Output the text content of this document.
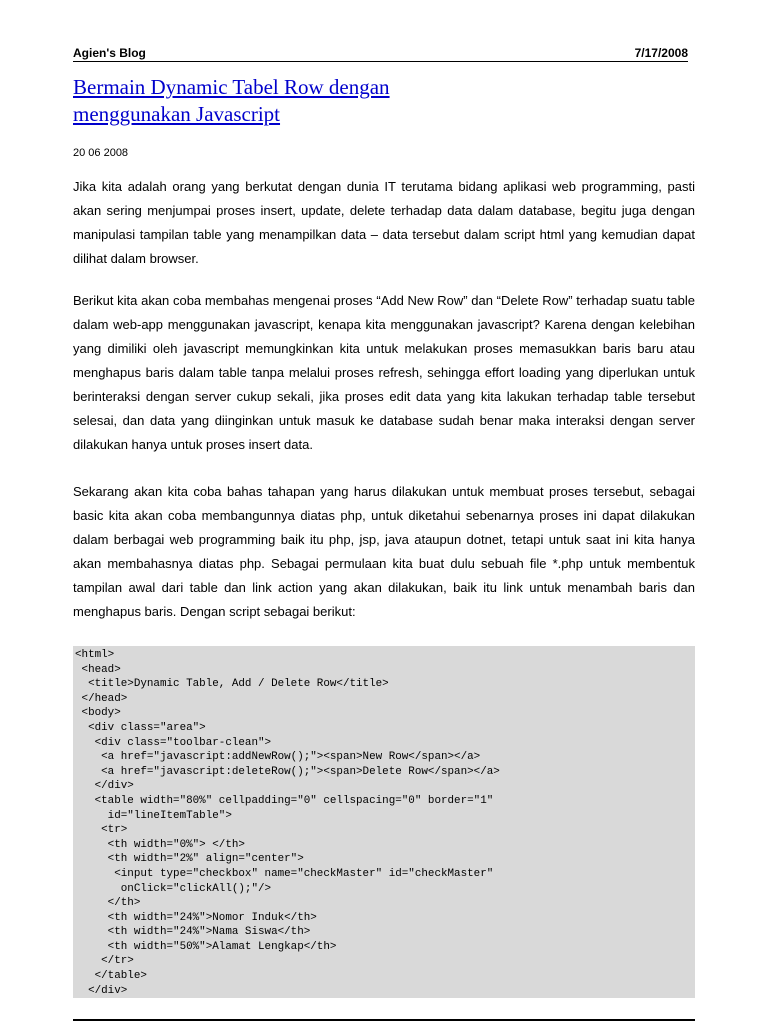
Agien's Blog	7/17/2008
Bermain Dynamic Tabel Row dengan
menggunakan Javascript
20 06 2008

Jika kita adalah orang yang berkutat dengan dunia IT terutama bidang aplikasi web programming, pasti akan sering menjumpai proses insert, update, delete terhadap data dalam database, begitu juga dengan manipulasi tampilan table yang menampilkan data – data tersebut dalam script html yang kemudian dapat dilihat dalam browser.

Berikut kita akan coba membahas mengenai proses “Add New Row” dan “Delete Row” terhadap suatu table dalam web-app menggunakan javascript, kenapa kita menggunakan javascript? Karena dengan kelebihan yang dimiliki oleh javascript memungkinkan kita untuk melakukan proses memasukkan baris baru atau menghapus baris dalam table tanpa melalui proses refresh, sehingga effort loading yang diperlukan untuk berinteraksi dengan server cukup sekali, jika proses edit data yang kita lakukan terhadap table tersebut selesai, dan data yang diinginkan untuk masuk ke database sudah benar maka interaksi dengan server dilakukan hanya untuk proses insert data.

Sekarang akan kita coba bahas tahapan yang harus dilakukan untuk membuat proses tersebut, sebagai basic kita akan coba membangunnya diatas php, untuk diketahui sebenarnya proses ini dapat dilakukan dalam berbagai web programming baik itu php, jsp, java ataupun dotnet, tetapi untuk saat ini kita hanya akan membahasnya diatas php. Sebagai permulaan kita buat dulu sebuah file *.php untuk membentuk tampilan awal dari table dan link action yang akan dilakukan, baik itu link untuk menambah baris dan menghapus baris. Dengan script sebagai berikut:

<html>
<head>
<title>Dynamic Table, Add / Delete Row</title>
</head>
<body>
<div class="area">
<div class="toolbar-clean">
<a href="javascript:addNewRow();"><span>New Row</span></a>
<a href="javascript:deleteRow();"><span>Delete Row</span></a>
</div>
<table width="80%" cellpadding="0" cellspacing="0" border="1"
id="lineItemTable">
<tr>
<th width="0%"> </th>
<th width="2%" align="center">
<input type="checkbox" name="checkMaster" id="checkMaster"
onClick="clickAll();"/>
</th>
<th width="24%">Nomor Induk</th>
<th width="24%">Nama Siswa</th>
<th width="50%">Alamat Lengkap</th>
</tr>
</table>
</div>
